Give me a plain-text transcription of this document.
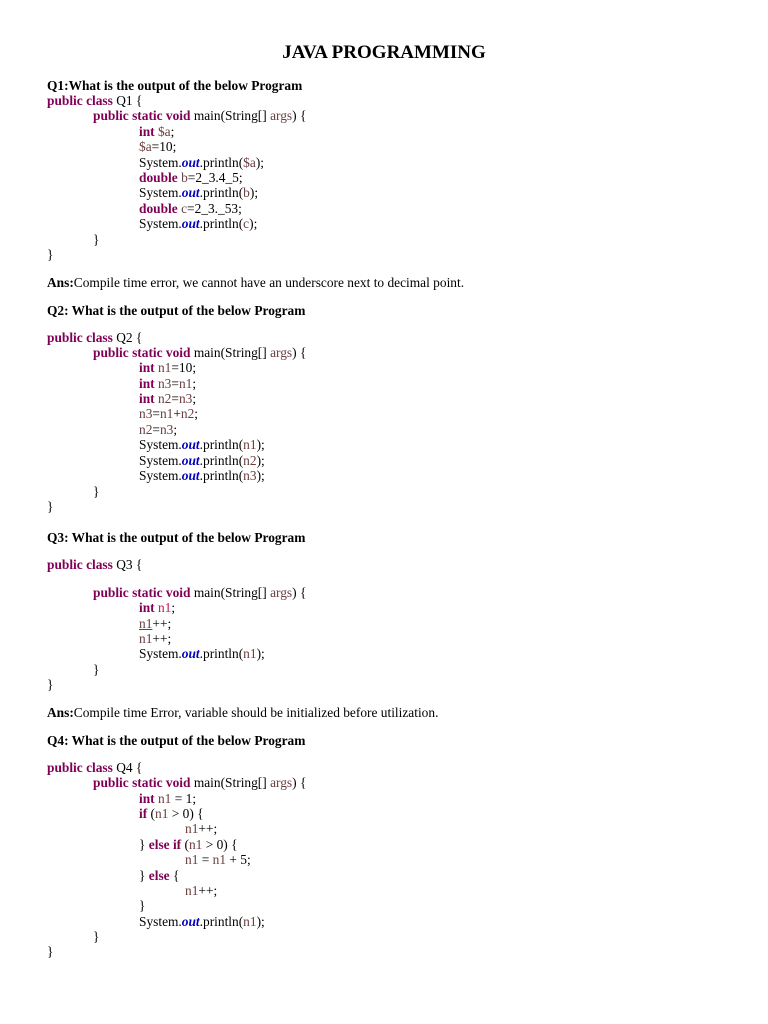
JAVA PROGRAMMING
Q1:What is the output of the below Program
public class Q1 {
public static void main(String[] args) {
int $a;
$a=10;
System.out.println($a);
double b=2_3.4_5;
System.out.println(b);
double c=2_3._53;
System.out.println(c);
}
}
Ans:Compile time error, we cannot have an underscore next to decimal point.
Q2: What is the output of the below Program
public class Q2 {
public static void main(String[] args) {
int n1=10;
int n3=n1;
int n2=n3;
n3=n1+n2;
n2=n3;
System.out.println(n1);
System.out.println(n2);
System.out.println(n3);
}
}
Q3: What is the output of the below Program
public class Q3 {
public static void main(String[] args) {
int n1;
n1++;
n1++;
System.out.println(n1);
}
}
Ans:Compile time Error, variable should be initialized before utilization.
Q4: What is the output of the below Program
public class Q4 {
public static void main(String[] args) {
int n1 = 1;
if (n1 > 0) {
n1++;
} else if (n1 > 0) {
n1 = n1 + 5;
} else {
n1++;
}
System.out.println(n1);
}
}
